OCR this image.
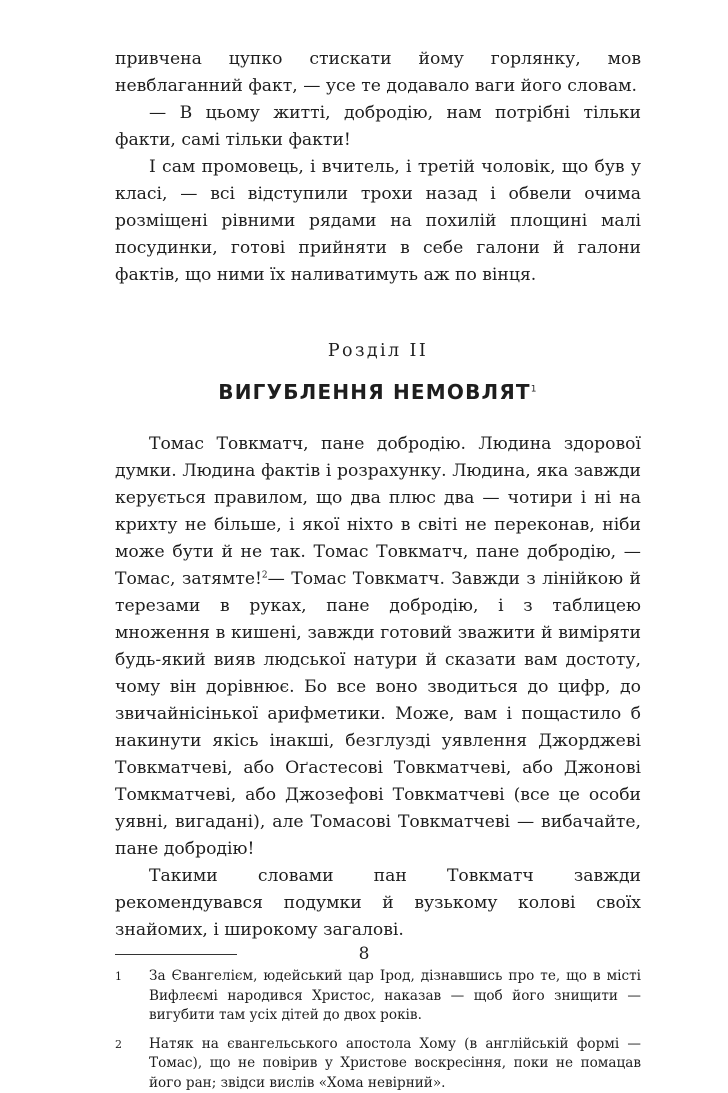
привчена цупко стискати йому горлянку, мов невблаганний факт, — усе те додавало ваги його словам.

— В цьому житті, добродію, нам потрібні тільки факти, самі тільки факти!

І сам промовець, і вчитель, і третій чоловік, що був у класі, — всі відступили трохи назад і обвели очима розміщені рівними рядами на похилій площині малі посудинки, готові прийняти в себе галони й галони фактів, що ними їх наливатимуть аж по вінця.

Розділ II
ВИГУБЛЕННЯ НЕМОВЛЯТ$^1$

Томас Товкматч, пане добродію. Людина здорової думки. Людина фактів і розрахунку. Людина, яка завжди керується правилом, що два плюс два — чотири і ні на крихту не більше, і якої ніхто в світі не переконав, ніби може бути й не так. Томас Товкматч, пане добродію, — Томас, затямте!$^2$— Томас Товкматч. Завжди з лінійкою й терезами в руках, пане добродію, і з таблицею множення в кишені, завжди готовий зважити й виміряти будь-який вияв людської натури й сказати вам достоту, чому він дорівнює. Бо все воно зводиться до цифр, до звичайнісінької арифметики. Може, вам і пощастило б накинути якісь інакші, безглузді уявлення Джорджеві Товкматчеві, або Оґастесові Товкматчеві, або Джонові Томкматчеві, або Джозефові Товкматчеві (все це особи уявні, вигадані), але Томасові Товкматчеві — вибачайте, пане добродію!

Такими словами пан Товкматч завжди рекомендувався подумки й вузькому колові своїх знайомих, і широкому загалові.

1 За Євангелієм, юдейський цар Ірод, дізнавшись про те, що в місті Вифлеємі народився Христос, наказав — щоб його знищити — вигубити там усіх дітей до двох років.
2 Натяк на євангельського апостола Хому (в англійській формі — Томас), що не повірив у Христове воскресіння, поки не помацав його ран; звідси вислів «Хома невірний».
8
